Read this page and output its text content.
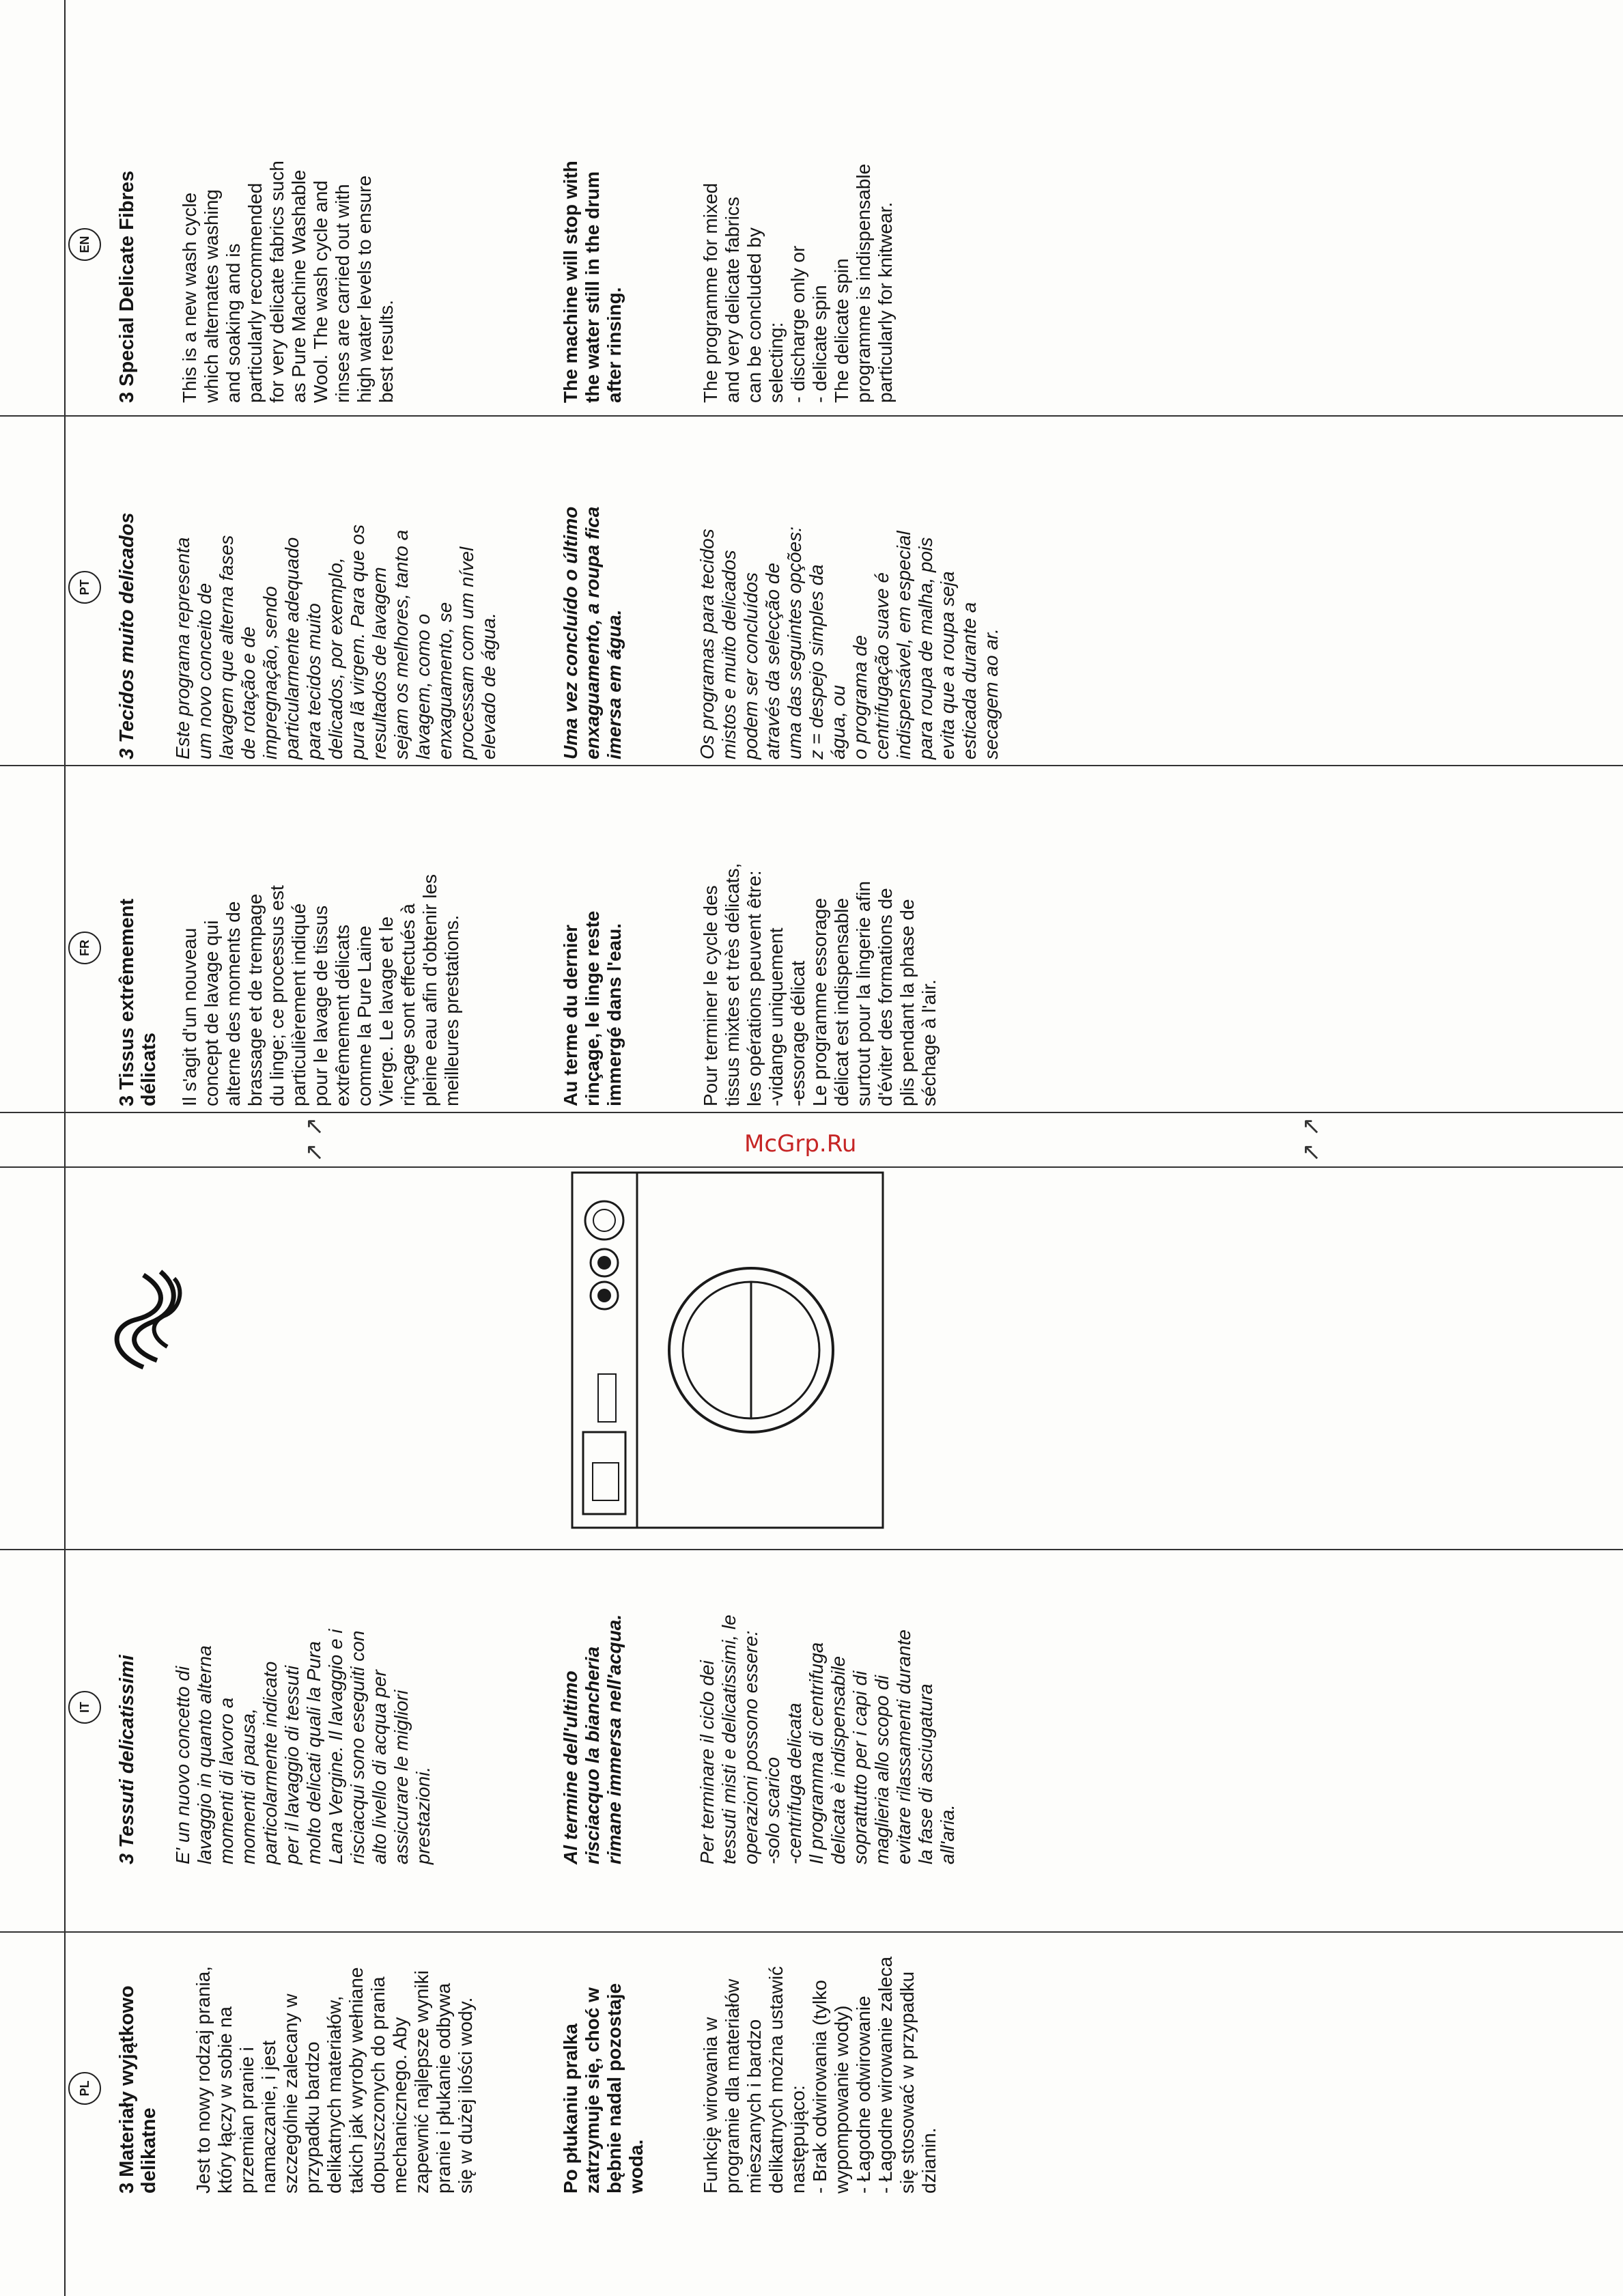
McGrp.Ru
PL
3 Materiały wyjątkowo
delikatne Jest to nowy rodzaj prania,
który łączy w sobie na
przemian pranie i
namaczanie, i jest
szczególnie zalecany w
przypadku bardzo
delikatnych materiałów,
takich jak wyroby wełniane
dopuszczonych do prania
mechanicznego. Aby
zapewnić najlepsze wyniki
pranie i płukanie odbywa
się w dużej ilości wody.
Po płukaniu pralka
zatrzymuje się, choć w
bębnie nadal pozostaje
woda.	Funkcję wirowania w
programie dla materiałów
mieszanych i bardzo
delikatnych można ustawić
następująco:
- Brak odwirowania (tylko
wypompowanie wody)
- Łagodne odwirowanie
- Łagodne wirowanie zaleca
się stosować w przypadku
dzianin.
IT	3 Tessuti delicatissimi E' un nuovo concetto di
lavaggio in quanto alterna
momenti di lavoro a
momenti di pausa,
particolarmente indicato
per il lavaggio di tessuti
molto delicati quali la Pura
Lana Vergine. Il lavaggio e i
risciacqui sono eseguiti con
alto livello di acqua per
assicurare le migliori
prestazioni.	Al termine dell'ultimo
risciacquo la biancheria
rimane immersa nell'acqua.
Per terminare il ciclo dei
tessuti misti e delicatissimi, le
operazioni possono essere:
-solo scarico
-centrifuga delicata
Il programma di centrifuga
delicata è indispensabile
soprattutto per i capi di
maglieria allo scopo di
evitare rilassamenti durante
la fase di asciugatura
all'aria.
↗ ↗	↗ ↗
FR
3 Tissus extrêmement
délicats Il s'agit d'un nouveau
concept de lavage qui
alterne des moments de
brassage et de trempage
du linge; ce processus est
particulièrement indiqué
pour le lavage de tissus
extrêmement délicats
comme la Pure Laine
Vierge. Le lavage et le
rinçage sont effectués à
pleine eau afin d'obtenir les
meilleures prestations.
Au terme du dernier
rinçage, le linge reste
immergé dans l'eau.
Pour terminer le cycle des
tissus mixtes et très délicats,
les opérations peuvent être:
-vidange uniquement
-essorage délicat
Le programme essorage
délicat est indispensable
surtout pour la lingerie afin
d'éviter des formations de
plis pendant la phase de
séchage à l'air.
PT	3 Tecidos muito delicados Este programa representa
um novo conceito de
lavagem que alterna fases
de rotação e de
impregnação, sendo
particularmente adequado
para tecidos muito
delicados, por exemplo,
pura lã virgem. Para que os
resultados de lavagem
sejam os melhores, tanto a
lavagem, como o
enxaguamento, se
processam com um nível
elevado de água.
Uma vez concluído o último
enxaguamento, a roupa fica
imersa em água.
Os programas para tecidos
mistos e muito delicados
podem ser concluídos
através da selecção de
uma das seguintes opções:
z = despejo simples da
água, ou
o programa de
centrifugação suave é
indispensável, em especial
para roupa de malha, pois
evita que a roupa seja
esticada durante a
secagem ao ar.
EN	3 Special Delicate Fibres This is a new wash cycle
which alternates washing
and soaking and is
particularly recommended
for very delicate fabrics such
as Pure Machine Washable
Wool. The wash cycle and
rinses are carried out with
high water levels to ensure
best results.
The machine will stop with
the water still in the drum
after rinsing.
The programme for mixed
and very delicate fabrics
can be concluded by
selecting:
- discharge only or
- delicate spin
The delicate spin
programme is indispensable
particularly for knitwear.
